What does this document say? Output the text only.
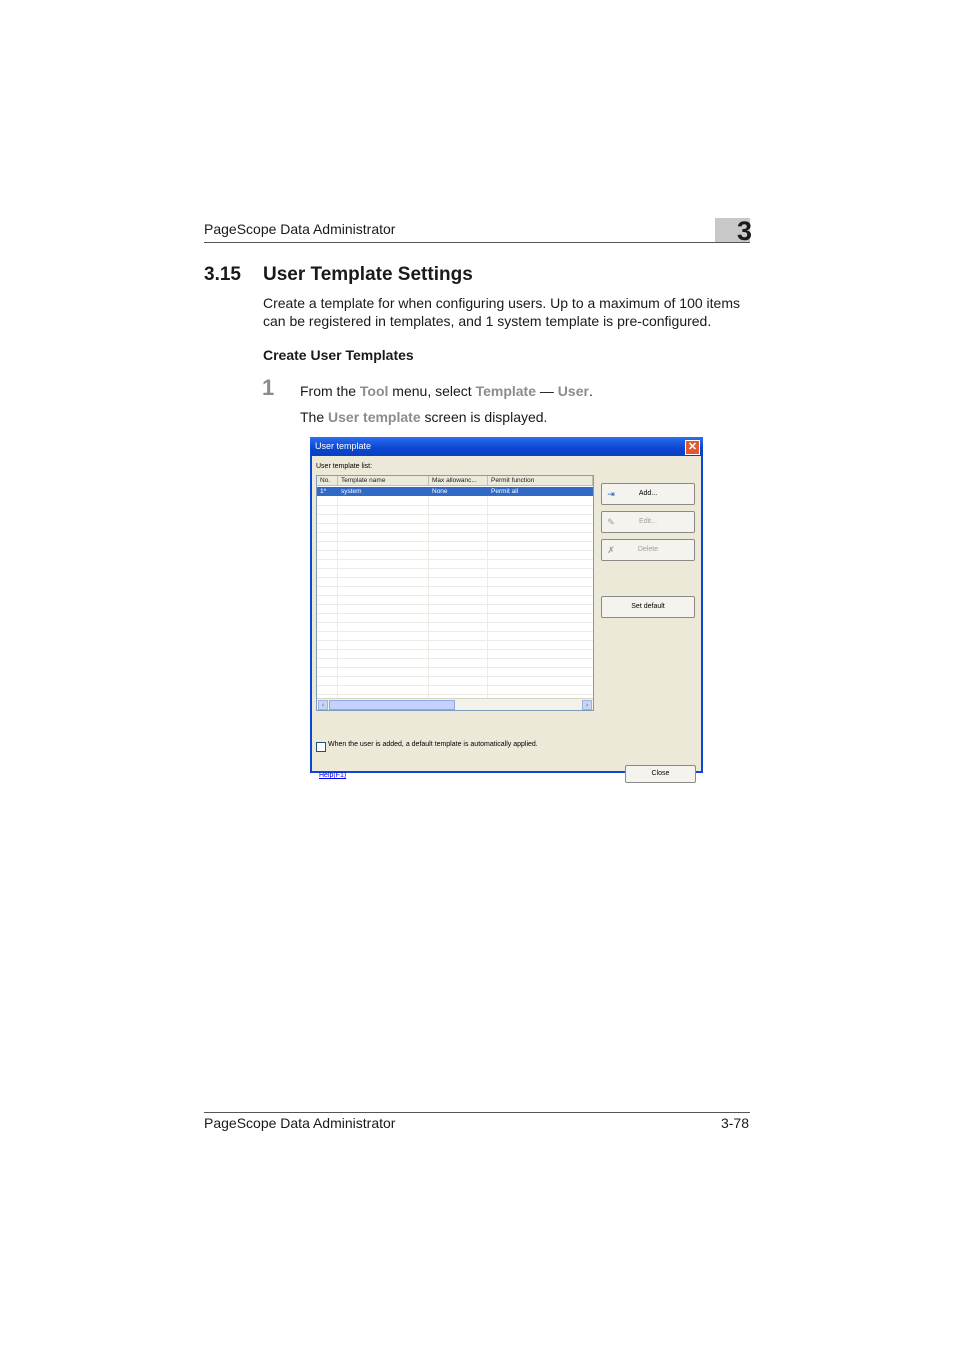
PageScope Data Administrator	3
3.15 User Template Settings
Create a template for when configuring users. Up to a maximum of 100 items can be registered in templates, and 1 system template is pre-configured.
Create User Templates
1 From the Tool menu, select Template — User.
The User template screen is displayed.
User template	✕
User template list:
No.	Template name	Max allowanc...	Permit function
1*	system	None	Permit all
‹	›
⇥	Add...
✎	Edit...
✗	Delete
Set default
When the user is added, a default template is automatically applied.
Help(F1)	Close
PageScope Data Administrator	3-78
